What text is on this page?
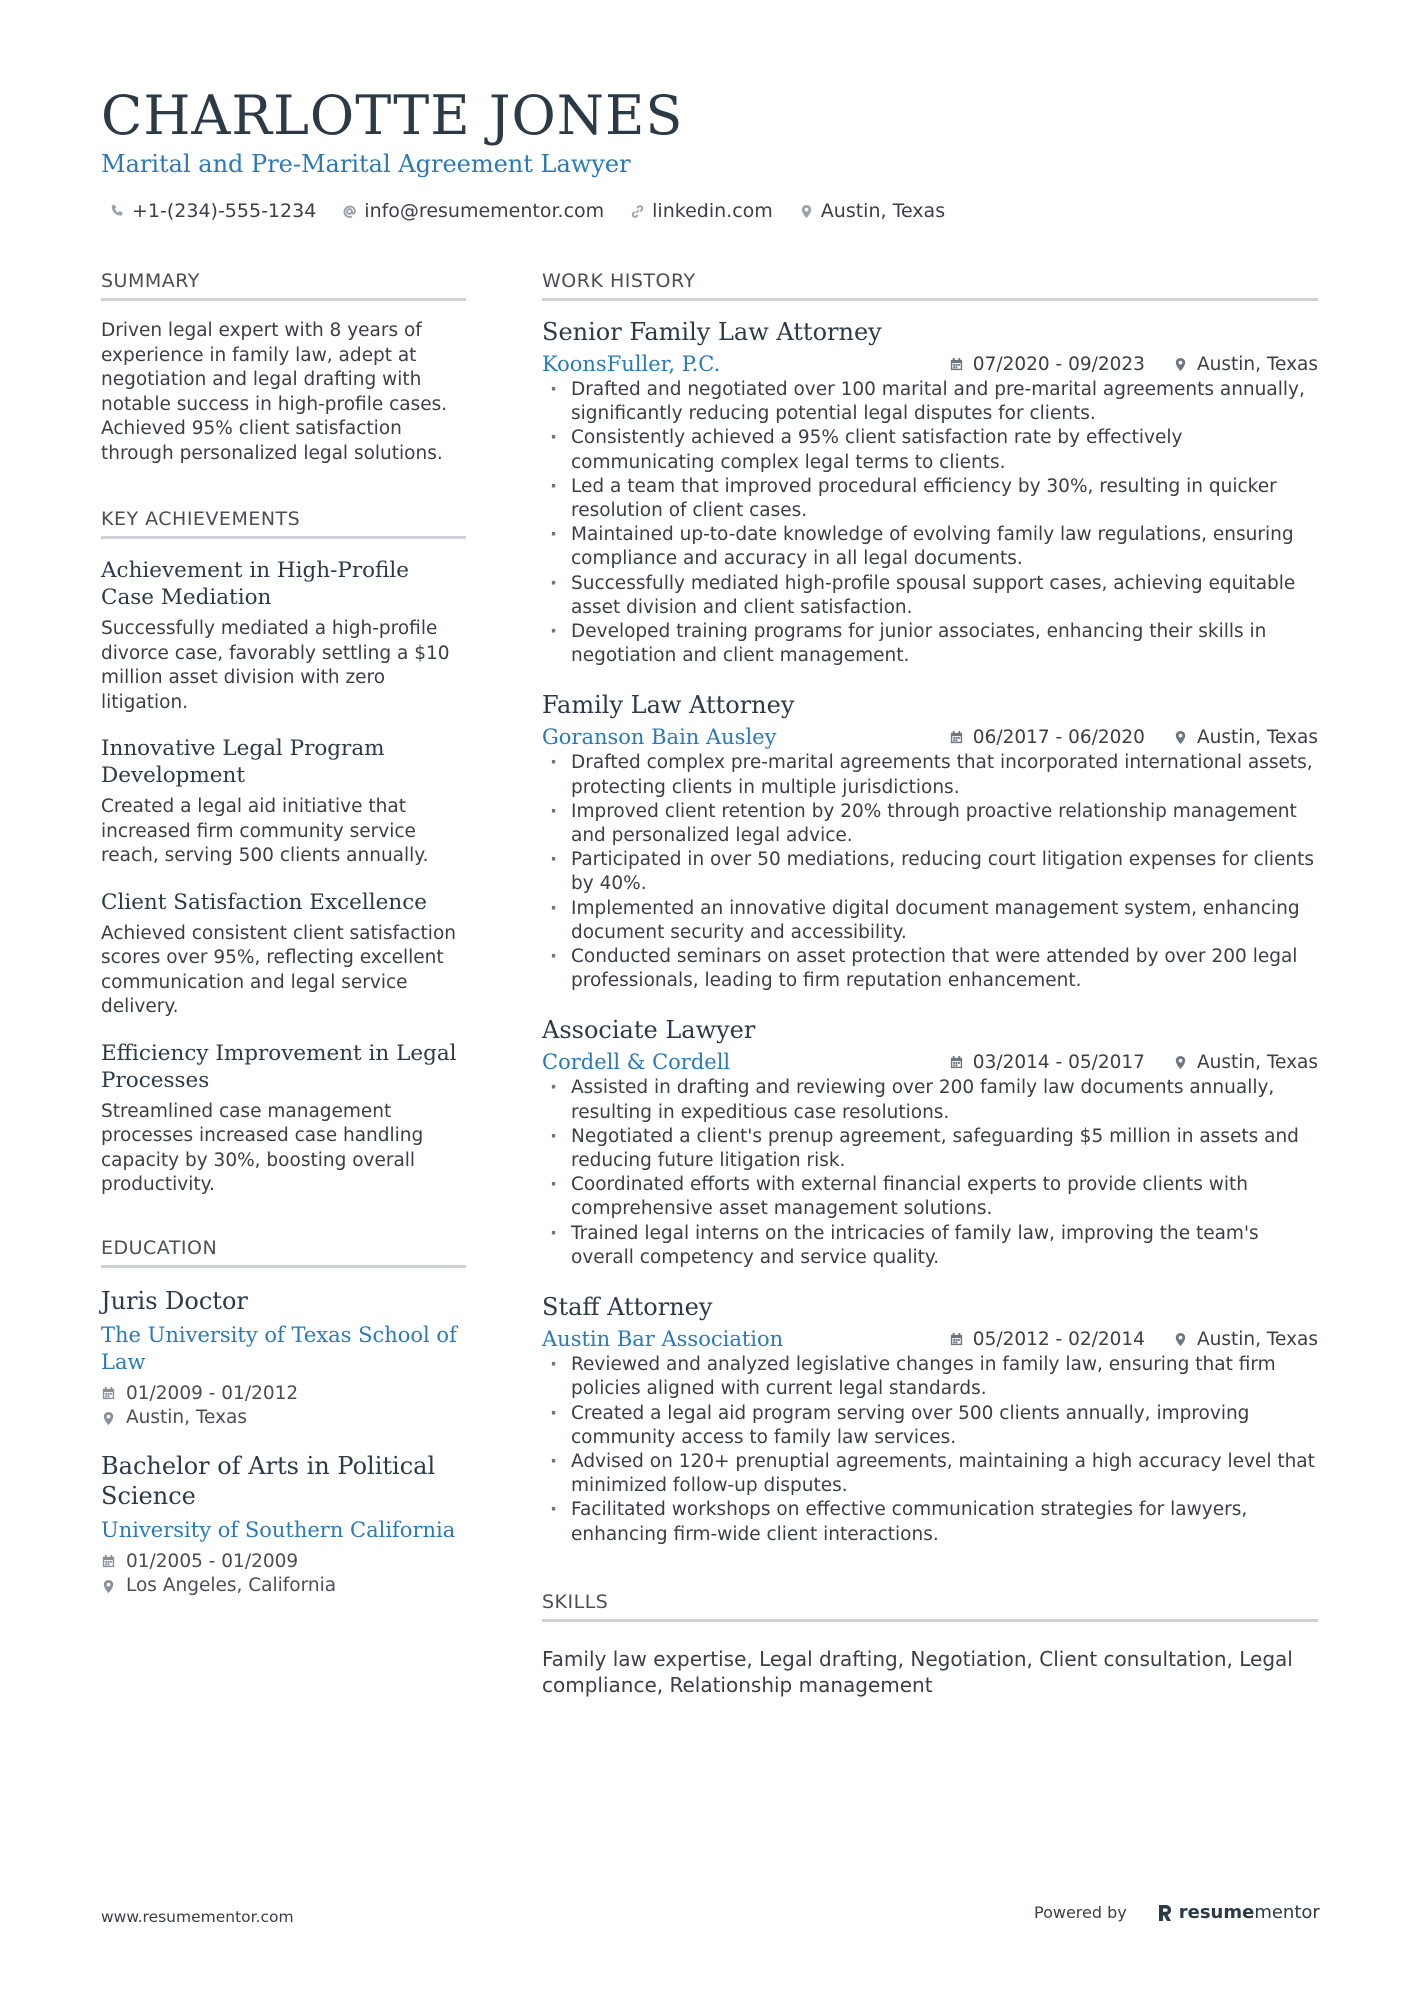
CHARLOTTE JONES
Marital and Pre-Marital Agreement Lawyer
+1-(234)-555-1234	info@resumementor.com	linkedin.com	Austin, Texas
SUMMARY
Driven legal expert with 8 years of experience in family law, adept at negotiation and legal drafting with notable success in high-profile cases. Achieved 95% client satisfaction through personalized legal solutions.
KEY ACHIEVEMENTS
Achievement in High-Profile Case Mediation
Successfully mediated a high-profile divorce case, favorably settling a $10 million asset division with zero litigation.
Innovative Legal Program Development
Created a legal aid initiative that increased firm community service reach, serving 500 clients annually.
Client Satisfaction Excellence
Achieved consistent client satisfaction scores over 95%, reflecting excellent communication and legal service delivery.
Efficiency Improvement in Legal Processes
Streamlined case management processes increased case handling capacity by 30%, boosting overall productivity.
EDUCATION
Juris Doctor
The University of Texas School of Law
01/2009 - 01/2012
Austin, Texas
Bachelor of Arts in Political Science
University of Southern California
01/2005 - 01/2009
Los Angeles, California
WORK HISTORY
Senior Family Law Attorney
KoonsFuller, P.C.	07/2020 - 09/2023	Austin, Texas
· Drafted and negotiated over 100 marital and pre-marital agreements annually, significantly reducing potential legal disputes for clients.
· Consistently achieved a 95% client satisfaction rate by effectively communicating complex legal terms to clients.
· Led a team that improved procedural efficiency by 30%, resulting in quicker resolution of client cases.
· Maintained up-to-date knowledge of evolving family law regulations, ensuring compliance and accuracy in all legal documents.
· Successfully mediated high-profile spousal support cases, achieving equitable asset division and client satisfaction.
· Developed training programs for junior associates, enhancing their skills in negotiation and client management.
Family Law Attorney
Goranson Bain Ausley	06/2017 - 06/2020	Austin, Texas
· Drafted complex pre-marital agreements that incorporated international assets, protecting clients in multiple jurisdictions.
· Improved client retention by 20% through proactive relationship management and personalized legal advice.
· Participated in over 50 mediations, reducing court litigation expenses for clients by 40%.
· Implemented an innovative digital document management system, enhancing document security and accessibility.
· Conducted seminars on asset protection that were attended by over 200 legal professionals, leading to firm reputation enhancement.
Associate Lawyer
Cordell & Cordell	03/2014 - 05/2017	Austin, Texas
· Assisted in drafting and reviewing over 200 family law documents annually, resulting in expeditious case resolutions.
· Negotiated a client's prenup agreement, safeguarding $5 million in assets and reducing future litigation risk.
· Coordinated efforts with external financial experts to provide clients with comprehensive asset management solutions.
· Trained legal interns on the intricacies of family law, improving the team's overall competency and service quality.
Staff Attorney
Austin Bar Association	05/2012 - 02/2014	Austin, Texas
· Reviewed and analyzed legislative changes in family law, ensuring that firm policies aligned with current legal standards.
· Created a legal aid program serving over 500 clients annually, improving community access to family law services.
· Advised on 120+ prenuptial agreements, maintaining a high accuracy level that minimized follow-up disputes.
· Facilitated workshops on effective communication strategies for lawyers, enhancing firm-wide client interactions.
SKILLS
Family law expertise, Legal drafting, Negotiation, Client consultation, Legal compliance, Relationship management
www.resumementor.com	Powered by	resume mentor
